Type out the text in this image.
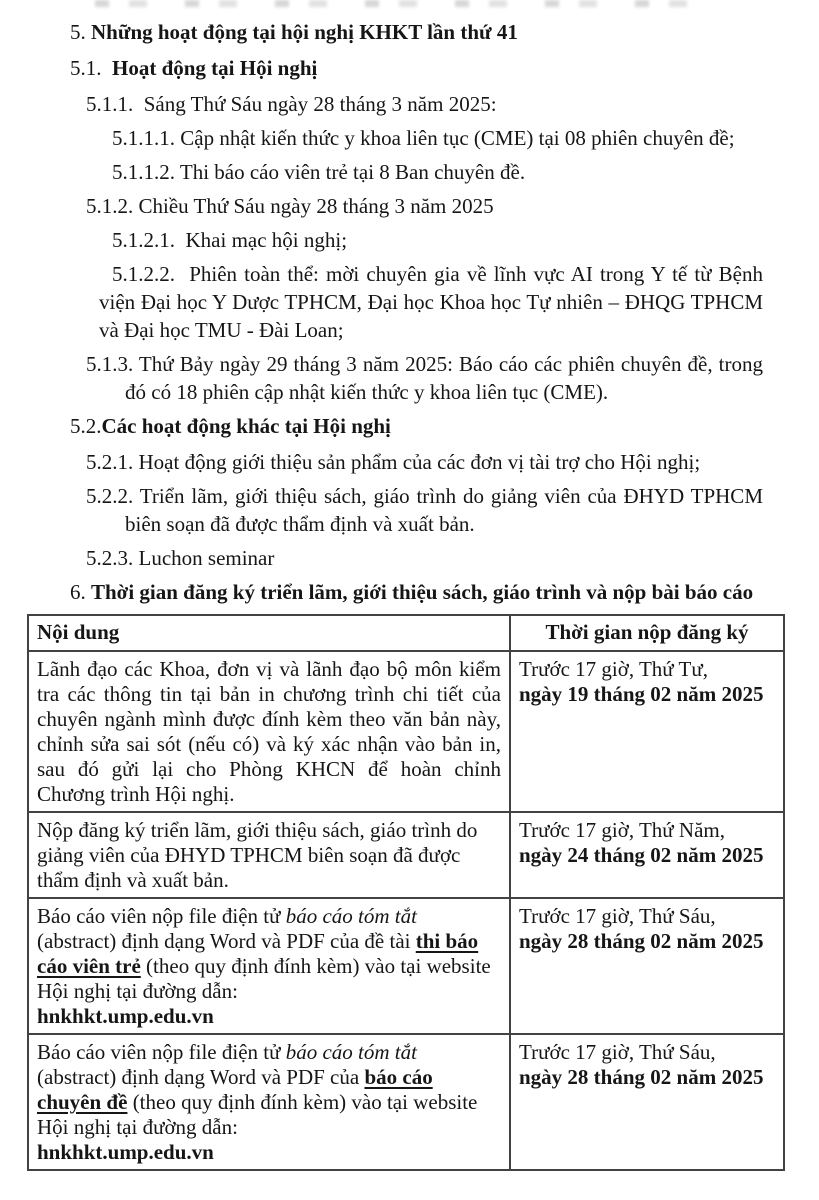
5. Những hoạt động tại hội nghị KHKT lần thứ 41

5.1.  Hoạt động tại Hội nghị

5.1.1.  Sáng Thứ Sáu ngày 28 tháng 3 năm 2025:

5.1.1.1. Cập nhật kiến thức y khoa liên tục (CME) tại 08 phiên chuyên đề;

5.1.1.2. Thi báo cáo viên trẻ tại 8 Ban chuyên đề.

5.1.2. Chiều Thứ Sáu ngày 28 tháng 3 năm 2025

5.1.2.1.  Khai mạc hội nghị;

5.1.2.2.  Phiên toàn thể: mời chuyên gia về lĩnh vực AI trong Y tế từ Bệnh viện Đại học Y Dược TPHCM, Đại học Khoa học Tự nhiên – ĐHQG TPHCM và Đại học TMU - Đài Loan;

5.1.3. Thứ Bảy ngày 29 tháng 3 năm 2025: Báo cáo các phiên chuyên đề, trong đó có 18 phiên cập nhật kiến thức y khoa liên tục (CME).

5.2.Các hoạt động khác tại Hội nghị

5.2.1. Hoạt động giới thiệu sản phẩm của các đơn vị tài trợ cho Hội nghị;

5.2.2. Triển lãm, giới thiệu sách, giáo trình do giảng viên của ĐHYD TPHCM biên soạn đã được thẩm định và xuất bản.

5.2.3. Luchon seminar

6. Thời gian đăng ký triển lãm, giới thiệu sách, giáo trình và nộp bài báo cáo

Nội dung	Thời gian nộp đăng ký
Lãnh đạo các Khoa, đơn vị và lãnh đạo bộ môn kiểm tra các thông tin tại bản in chương trình chi tiết của chuyên ngành mình được đính kèm theo văn bản này, chỉnh sửa sai sót (nếu có) và ký xác nhận vào bản in, sau đó gửi lại cho Phòng KHCN để hoàn chỉnh Chương trình Hội nghị.	Trước 17 giờ, Thứ Tư,
ngày 19 tháng 02 năm 2025
Nộp đăng ký triển lãm, giới thiệu sách, giáo trình do giảng viên của ĐHYD TPHCM biên soạn đã được thẩm định và xuất bản.	Trước 17 giờ, Thứ Năm,
ngày 24 tháng 02 năm 2025
Báo cáo viên nộp file điện tử báo cáo tóm tắt (abstract) định dạng Word và PDF của đề tài thi báo cáo viên trẻ (theo quy định đính kèm) vào tại website Hội nghị tại đường dẫn:
hnkhkt.ump.edu.vn	Trước 17 giờ, Thứ Sáu,
ngày 28 tháng 02 năm 2025
Báo cáo viên nộp file điện tử báo cáo tóm tắt (abstract) định dạng Word và PDF của báo cáo chuyên đề (theo quy định đính kèm) vào tại website Hội nghị tại đường dẫn:
hnkhkt.ump.edu.vn	Trước 17 giờ, Thứ Sáu,
ngày 28 tháng 02 năm 2025
